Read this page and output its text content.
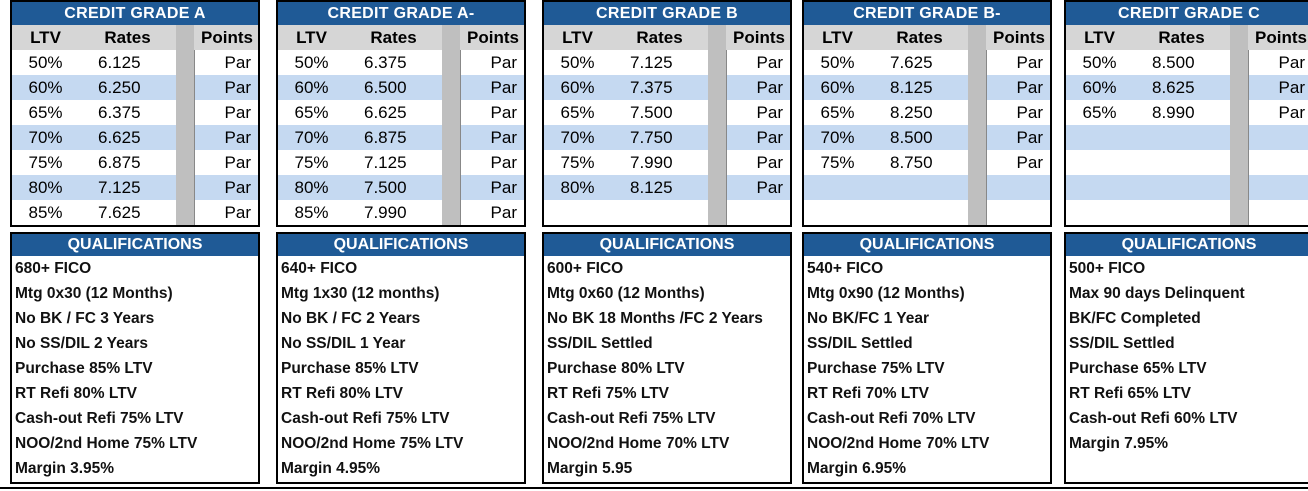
CREDIT GRADE A
LTV	Rates	Points
50%	6.125	Par
60%	6.250	Par
65%	6.375	Par
70%	6.625	Par
75%	6.875	Par
80%	7.125	Par
85%	7.625	Par
QUALIFICATIONS
680+ FICO
Mtg 0x30 (12 Months)
No BK / FC 3 Years
No SS/DIL 2 Years
Purchase 85% LTV
RT Refi 80% LTV
Cash-out Refi 75% LTV
NOO/2nd Home 75% LTV
Margin 3.95%
CREDIT GRADE A-
LTV	Rates	Points
50%	6.375	Par
60%	6.500	Par
65%	6.625	Par
70%	6.875	Par
75%	7.125	Par
80%	7.500	Par
85%	7.990	Par
QUALIFICATIONS
640+ FICO
Mtg 1x30 (12 months)
No BK / FC 2 Years
No SS/DIL 1 Year
Purchase 85% LTV
RT Refi 80% LTV
Cash-out Refi 75% LTV
NOO/2nd Home 75% LTV
Margin 4.95%
CREDIT GRADE B
LTV	Rates	Points
50%	7.125	Par
60%	7.375	Par
65%	7.500	Par
70%	7.750	Par
75%	7.990	Par
80%	8.125	Par
QUALIFICATIONS
600+ FICO
Mtg 0x60 (12 Months)
No BK 18 Months /FC 2 Years
SS/DIL Settled
Purchase 80% LTV
RT Refi 75% LTV
Cash-out Refi 75% LTV
NOO/2nd Home 70% LTV
Margin 5.95
CREDIT GRADE B-
LTV	Rates	Points
50%	7.625	Par
60%	8.125	Par
65%	8.250	Par
70%	8.500	Par
75%	8.750	Par
QUALIFICATIONS
540+ FICO
Mtg 0x90 (12 Months)
No BK/FC 1 Year
SS/DIL Settled
Purchase 75% LTV
RT Refi 70% LTV
Cash-out Refi 70% LTV
NOO/2nd Home 70% LTV
Margin 6.95%
CREDIT GRADE C
LTV	Rates	Points
50%	8.500	Par
60%	8.625	Par
65%	8.990	Par
QUALIFICATIONS
500+ FICO
Max 90 days Delinquent
BK/FC Completed
SS/DIL Settled
Purchase 65% LTV
RT Refi 65% LTV
Cash-out Refi 60% LTV
Margin 7.95%
